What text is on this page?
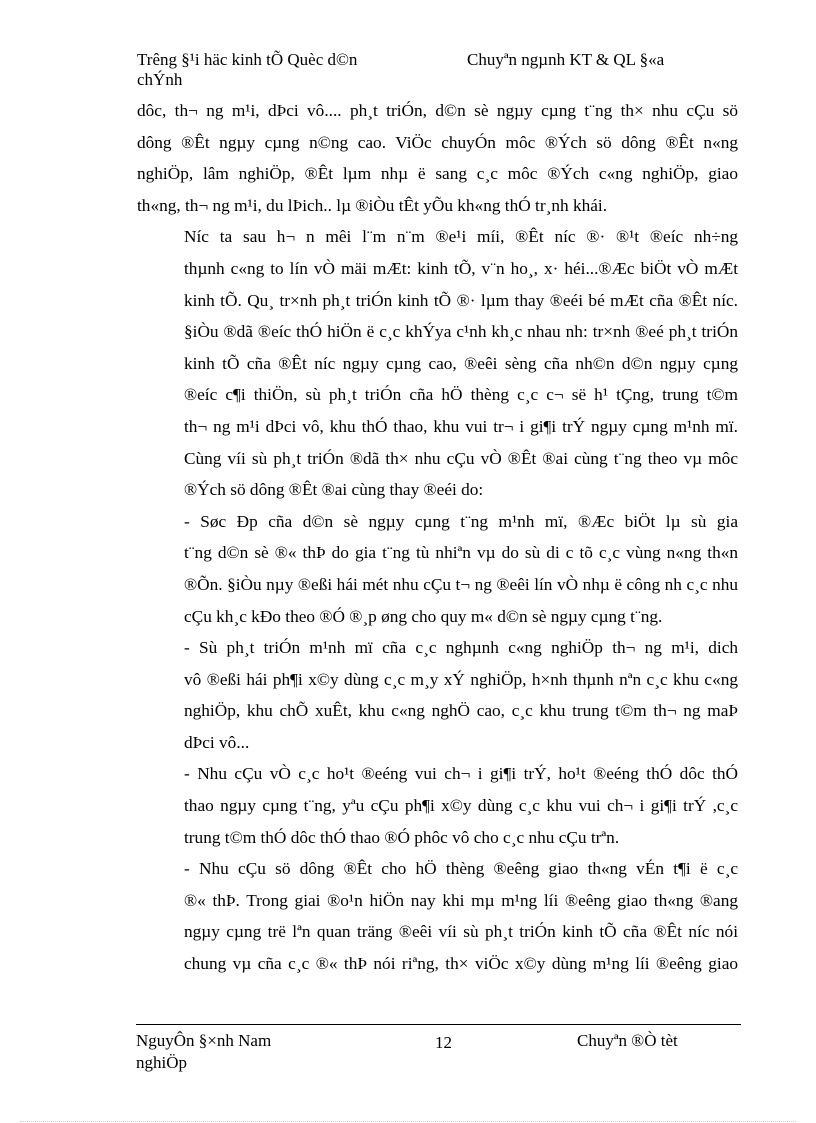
Trêng §¹i häc kinh tÕ Quèc d©n
chÝnh
Chuyªn ngµnh KT & QL §«a

dôc, th¬ ng m¹i, dÞci vô.... ph¸t triÓn, d©n sè ngµy cµng t¨ng th× nhu cÇu sö
dông ®Êt ngµy cµng n©ng cao. ViÖc chuyÓn môc ®Ých sö dông ®Êt n«ng
nghiÖp, lâm nghiÖp, ®Êt lµm nhµ ë sang c¸c môc ®Ých c«ng nghiÖp, giao
th«ng, th¬ ng m¹i, du lÞich.. lµ ®iÒu tÊt yÕu kh«ng thÓ tr¸nh khái.

Níc ta sau h¬ n mêi l¨m n¨m ®e¹i míi, ®Êt níc ®· ®¹t ®eíc nh÷ng
thµnh c«ng to lín vÒ mäi mÆt: kinh tÕ, v¨n ho¸, x· héi...®Æc biÖt vÒ mÆt
kinh tÕ. Qu¸ tr×nh ph¸t triÓn kinh tÕ ®· lµm thay ®eéi bé mÆt cña ®Êt níc.
§iÒu ®dã ®eíc thÓ hiÖn ë c¸c khÝya c¹nh kh¸c nhau nh: tr×nh ®eé ph¸t triÓn
kinh tÕ cña ®Êt níc ngµy cµng cao, ®eêi sèng cña nh©n d©n ngµy cµng
®eíc c¶i thiÖn, sù ph¸t triÓn cña hÖ thèng c¸c c¬ së h¹ tÇng, trung t©m
th¬ ng m¹i dÞci vô, khu thÓ thao, khu vui tr¬ i gi¶i trÝ ngµy cµng m¹nh mï.
Cùng víi sù ph¸t triÓn ®dã th× nhu cÇu vÒ ®Êt ®ai cùng t¨ng theo vµ môc
®Ých sö dông ®Êt ®ai cùng thay ®eéi do:

- Søc Ðp cña d©n sè ngµy cµng t¨ng m¹nh mï, ®Æc biÖt lµ sù gia
t¨ng d©n sè ®« thÞ do gia t¨ng tù nhiªn vµ do sù di c tõ c¸c vùng n«ng th«n
®Õn. §iÒu nµy ®eßi hái mét nhu cÇu t¬ ng ®eêi lín vÒ nhµ ë công nh c¸c nhu
cÇu kh¸c kÐo theo ®Ó ®¸p øng cho quy m« d©n sè ngµy cµng t¨ng.

- Sù ph¸t triÓn m¹nh mï cña c¸c nghµnh c«ng nghiÖp th¬ ng m¹i, dich
vô ®eßi hái ph¶i x©y dùng c¸c m¸y xÝ nghiÖp, h×nh thµnh nªn c¸c khu c«ng
nghiÖp, khu chÕ xuÊt, khu c«ng nghÖ cao, c¸c khu trung t©m th¬ ng maÞ
dÞci vô...

- Nhu cÇu vÒ c¸c ho¹t ®eéng vui ch¬ i gi¶i trÝ, ho¹t ®eéng thÓ dôc thÓ
thao ngµy cµng t¨ng, yªu cÇu ph¶i x©y dùng c¸c khu vui ch¬ i gi¶i trÝ ,c¸c
trung t©m thÓ dôc thÓ thao ®Ó phôc vô cho c¸c nhu cÇu trªn.

- Nhu cÇu sö dông ®Êt cho hÖ thèng ®eêng giao th«ng vÉn t¶i ë c¸c
®« thÞ. Trong giai ®o¹n hiÖn nay khi mµ m¹ng líi ®eêng giao th«ng ®ang
ngµy cµng trë lªn quan träng ®eêi víi sù ph¸t triÓn kinh tÕ cña ®Êt níc nói
chung vµ cña c¸c ®« thÞ nói riªng, th× viÖc x©y dùng m¹ng líi ®eêng giao

NguyÔn §×nh Nam
nghiÖp
12	Chuyªn ®Ò tèt
